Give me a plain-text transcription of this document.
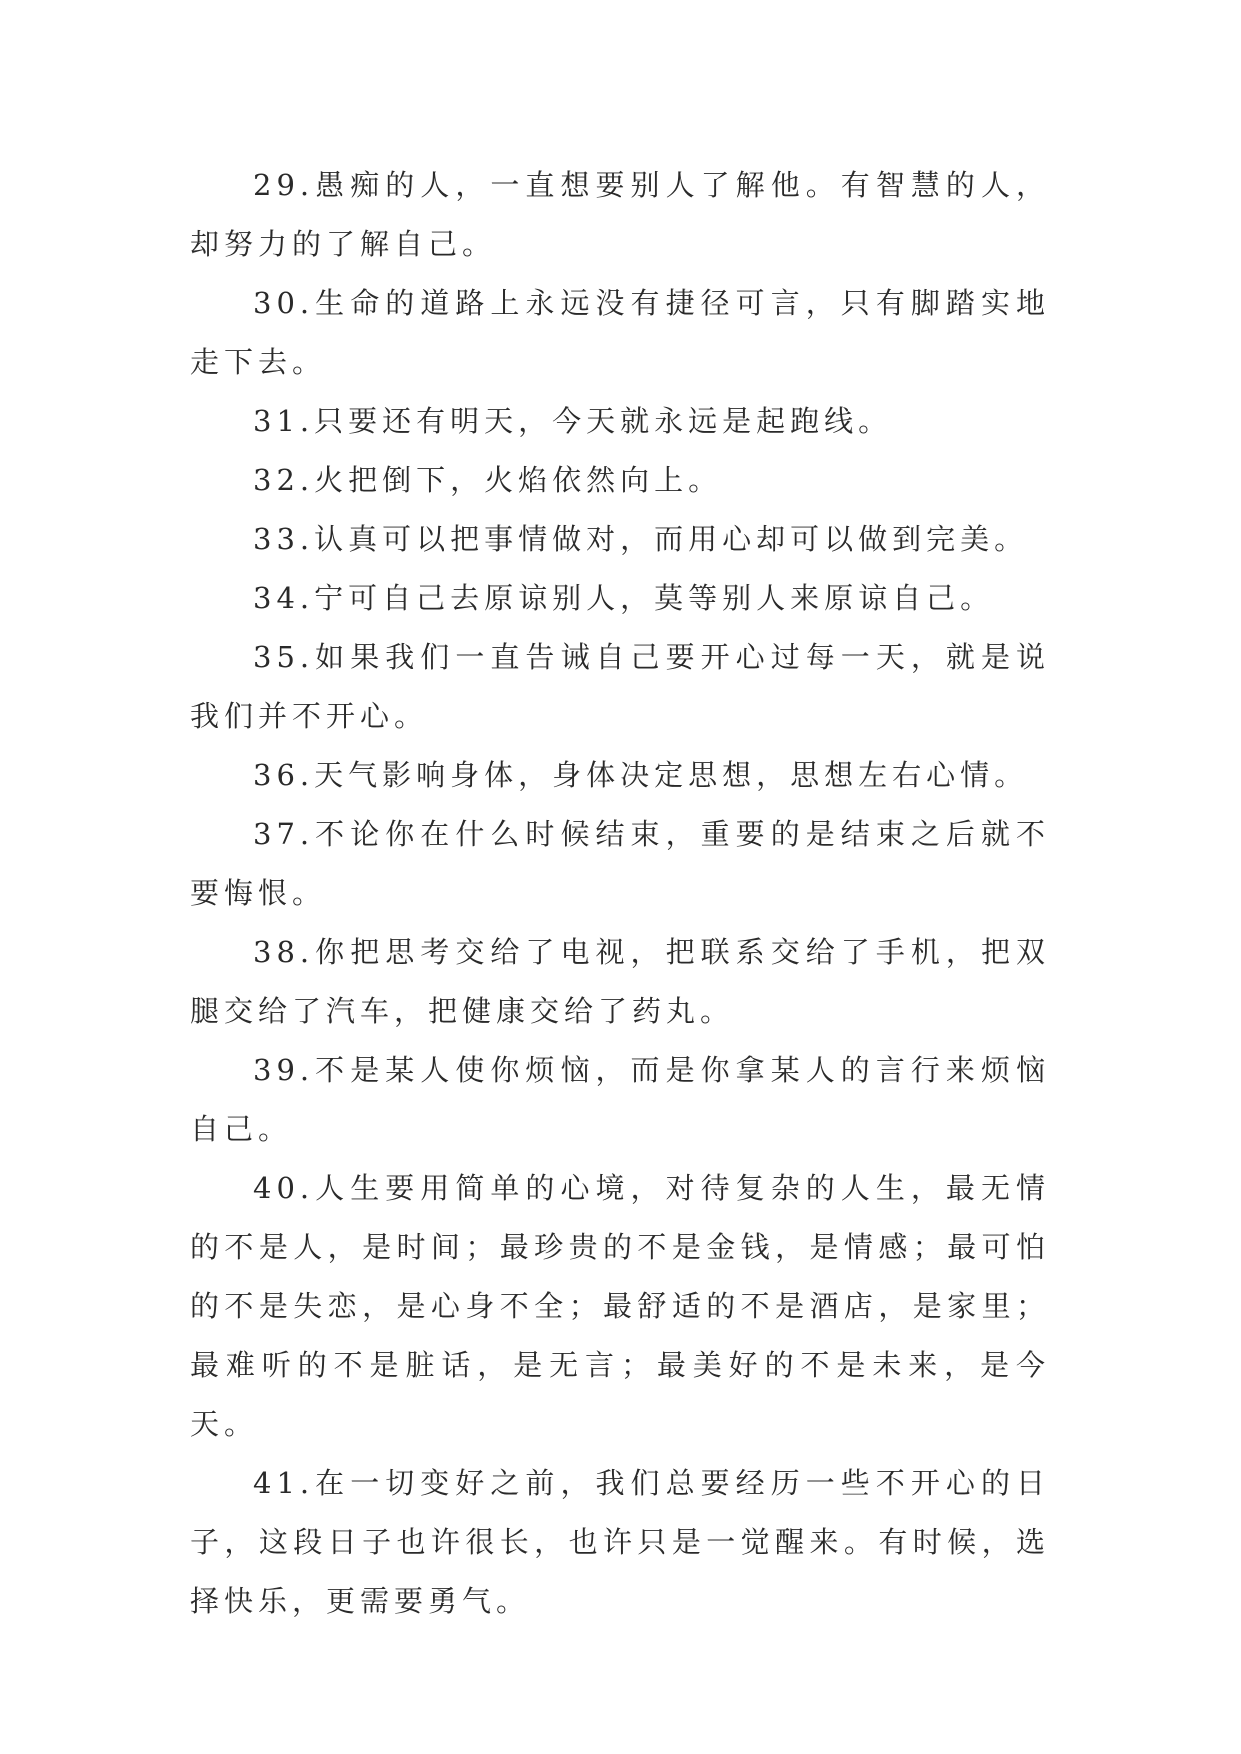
29.愚痴的人，一直想要别人了解他。有智慧的人，却努力的了解自己。

30.生命的道路上永远没有捷径可言，只有脚踏实地走下去。

31.只要还有明天，今天就永远是起跑线。

32.火把倒下，火焰依然向上。

33.认真可以把事情做对，而用心却可以做到完美。

34.宁可自己去原谅别人，莫等别人来原谅自己。

35.如果我们一直告诫自己要开心过每一天，就是说我们并不开心。

36.天气影响身体，身体决定思想，思想左右心情。

37.不论你在什么时候结束，重要的是结束之后就不要悔恨。

38.你把思考交给了电视，把联系交给了手机，把双腿交给了汽车，把健康交给了药丸。

39.不是某人使你烦恼，而是你拿某人的言行来烦恼自己。

40.人生要用简单的心境，对待复杂的人生，最无情的不是人，是时间；最珍贵的不是金钱，是情感；最可怕的不是失恋，是心身不全；最舒适的不是酒店，是家里；最难听的不是脏话，是无言；最美好的不是未来，是今天。

41.在一切变好之前，我们总要经历一些不开心的日子，这段日子也许很长，也许只是一觉醒来。有时候，选择快乐，更需要勇气。
